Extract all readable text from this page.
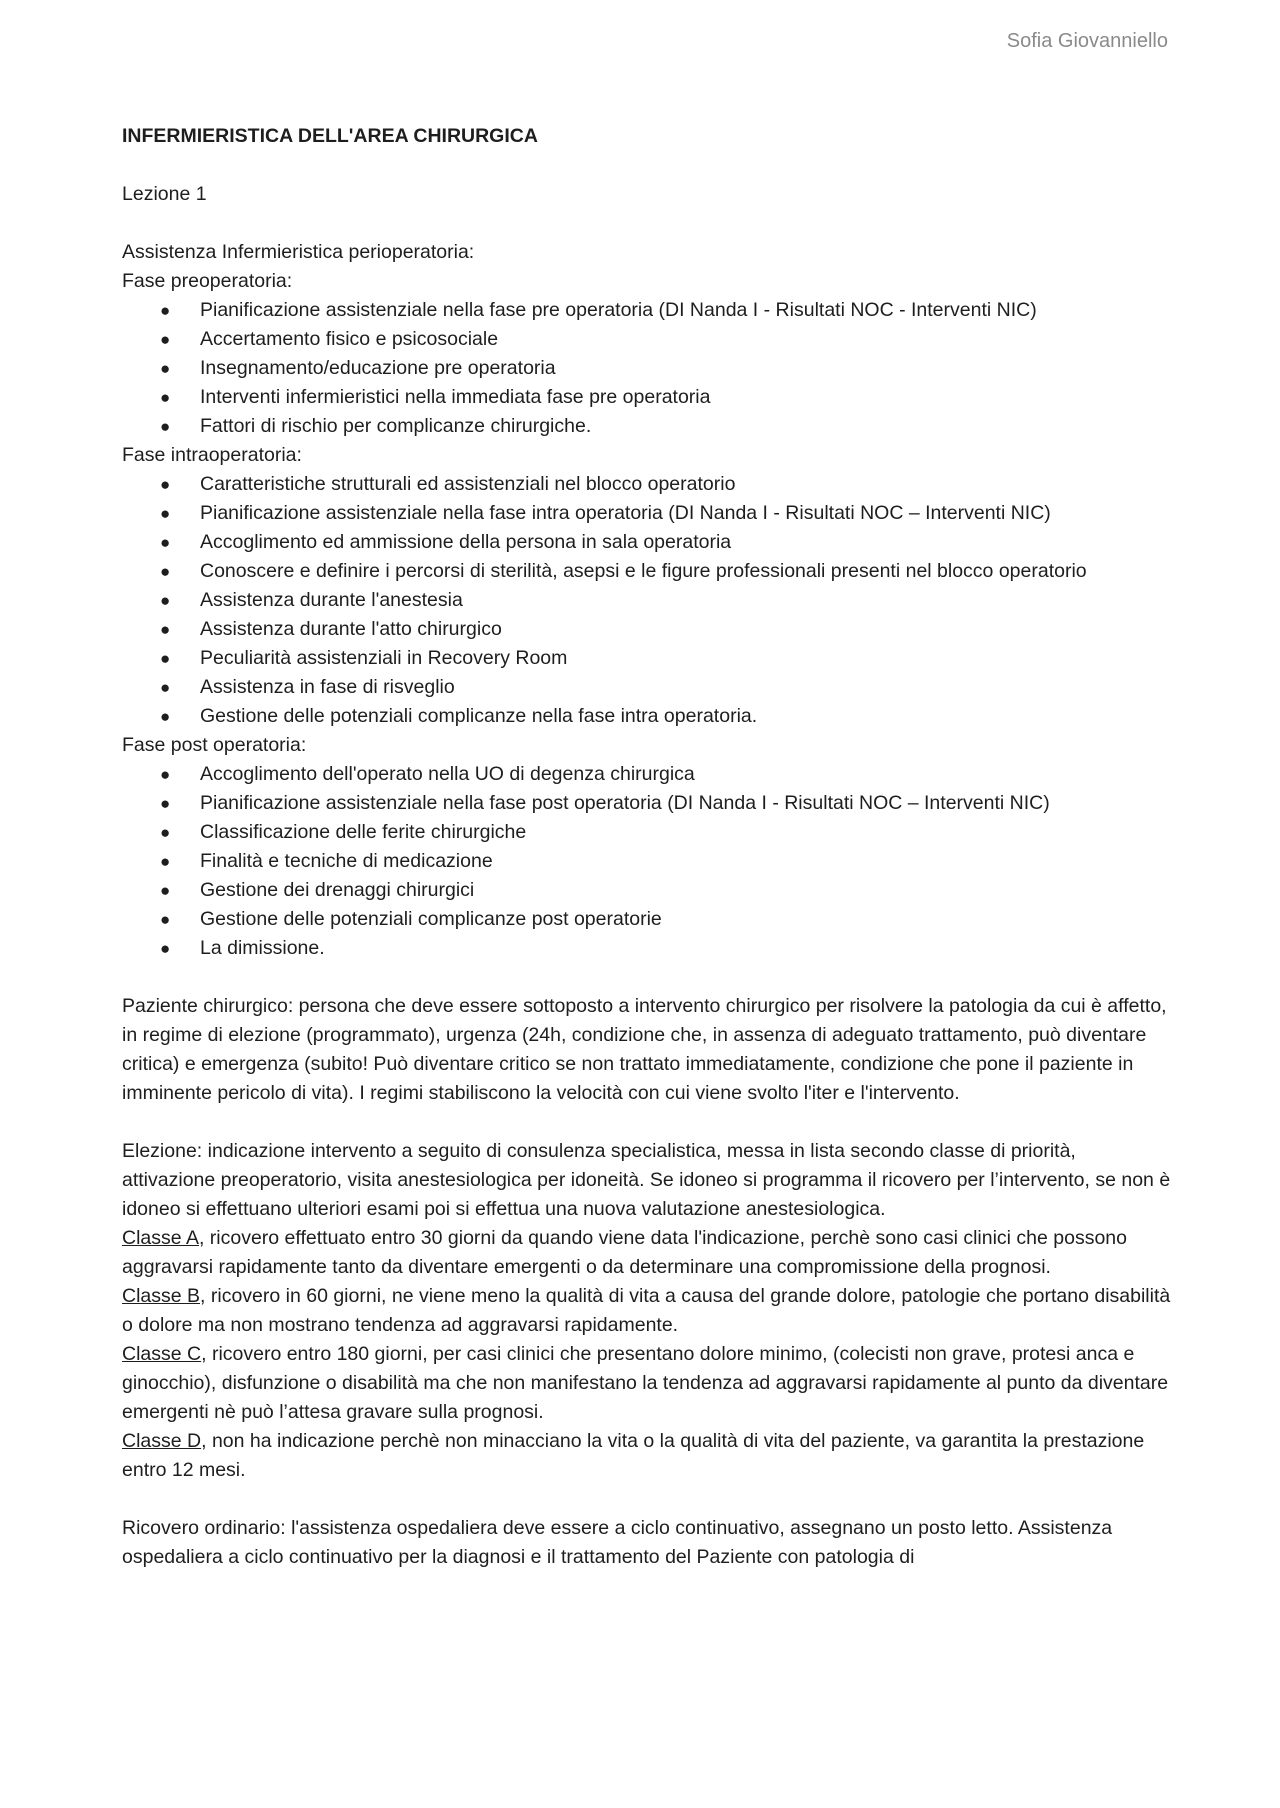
Sofia Giovanniello

INFERMIERISTICA DELL'AREA CHIRURGICA

Lezione 1

Assistenza Infermieristica perioperatoria:

Fase preoperatoria:

● Pianificazione assistenziale nella fase pre operatoria (DI Nanda I - Risultati NOC - Interventi NIC)
● Accertamento fisico e psicosociale
● Insegnamento/educazione pre operatoria
● Interventi infermieristici nella immediata fase pre operatoria
● Fattori di rischio per complicanze chirurgiche.

Fase intraoperatoria:

● Caratteristiche strutturali ed assistenziali nel blocco operatorio
● Pianificazione assistenziale nella fase intra operatoria (DI Nanda I - Risultati NOC – Interventi NIC)
● Accoglimento ed ammissione della persona in sala operatoria
● Conoscere e definire i percorsi di sterilità, asepsi e le figure professionali presenti nel blocco operatorio
● Assistenza durante l'anestesia
● Assistenza durante l'atto chirurgico
● Peculiarità assistenziali in Recovery Room
● Assistenza in fase di risveglio
● Gestione delle potenziali complicanze nella fase intra operatoria.

Fase post operatoria:

● Accoglimento dell'operato nella UO di degenza chirurgica
● Pianificazione assistenziale nella fase post operatoria (DI Nanda I - Risultati NOC – Interventi NIC)
● Classificazione delle ferite chirurgiche
● Finalità e tecniche di medicazione
● Gestione dei drenaggi chirurgici
● Gestione delle potenziali complicanze post operatorie
● La dimissione.

Paziente chirurgico: persona che deve essere sottoposto a intervento chirurgico per risolvere la patologia da cui è affetto, in regime di elezione (programmato), urgenza (24h, condizione che, in assenza di adeguato trattamento, può diventare critica) e emergenza (subito! Può diventare critico se non trattato immediatamente, condizione che pone il paziente in imminente pericolo di vita). I regimi stabiliscono la velocità con cui viene svolto l'iter e l'intervento.

Elezione: indicazione intervento a seguito di consulenza specialistica, messa in lista secondo classe di priorità, attivazione preoperatorio, visita anestesiologica per idoneità. Se idoneo si programma il ricovero per l’intervento, se non è idoneo si effettuano ulteriori esami poi si effettua una nuova valutazione anestesiologica.

Classe A, ricovero effettuato entro 30 giorni da quando viene data l'indicazione, perchè sono casi clinici che possono aggravarsi rapidamente tanto da diventare emergenti o da determinare una compromissione della prognosi.

Classe B, ricovero in 60 giorni, ne viene meno la qualità di vita a causa del grande dolore, patologie che portano disabilità o dolore ma non mostrano tendenza ad aggravarsi rapidamente.

Classe C, ricovero entro 180 giorni, per casi clinici che presentano dolore minimo, (colecisti non grave, protesi anca e ginocchio), disfunzione o disabilità ma che non manifestano la tendenza ad aggravarsi rapidamente al punto da diventare emergenti nè può l’attesa gravare sulla prognosi.

Classe D, non ha indicazione perchè non minacciano la vita o la qualità di vita del paziente, va garantita la prestazione entro 12 mesi.

Ricovero ordinario: l'assistenza ospedaliera deve essere a ciclo continuativo, assegnano un posto letto. Assistenza ospedaliera a ciclo continuativo per la diagnosi e il trattamento del Paziente con patologia di
